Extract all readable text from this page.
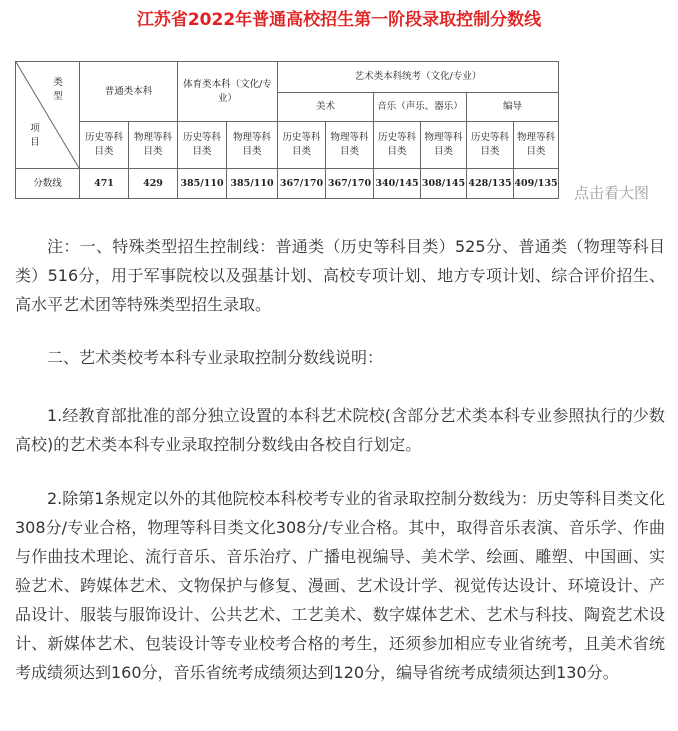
江苏省2022年普通高校招生第一阶段录取控制分数线
类型
项目	普通类本科		体育类本科（文化/专业）		艺术类本科统考（文化/专业）					
					美术		音乐（声乐、器乐）		编导	
	历史等科目类	物理等科目类	历史等科目类	物理等科目类	历史等科目类	物理等科目类	历史等科目类	物理等科目类	历史等科目类	物理等科目类
分数线	471	429	385/110	385/110	367/170	367/170	340/145	308/145	428/135	409/135
点击看大图

注：一、特殊类型招生控制线：普通类（历史等科目类）525分、普通类（物理等科目类）516分，用于军事院校以及强基计划、高校专项计划、地方专项计划、综合评价招生、高水平艺术团等特殊类型招生录取。

二、艺术类校考本科专业录取控制分数线说明：

1.经教育部批准的部分独立设置的本科艺术院校(含部分艺术类本科专业参照执行的少数高校)的艺术类本科专业录取控制分数线由各校自行划定。

2.除第1条规定以外的其他院校本科校考专业的省录取控制分数线为：历史等科目类文化308分/专业合格，物理等科目类文化308分/专业合格。其中，取得音乐表演、音乐学、作曲与作曲技术理论、流行音乐、音乐治疗、广播电视编导、美术学、绘画、雕塑、中国画、实验艺术、跨媒体艺术、文物保护与修复、漫画、艺术设计学、视觉传达设计、环境设计、产品设计、服装与服饰设计、公共艺术、工艺美术、数字媒体艺术、艺术与科技、陶瓷艺术设计、新媒体艺术、包装设计等专业校考合格的考生，还须参加相应专业省统考，且美术省统考成绩须达到160分，音乐省统考成绩须达到120分，编导省统考成绩须达到130分。
